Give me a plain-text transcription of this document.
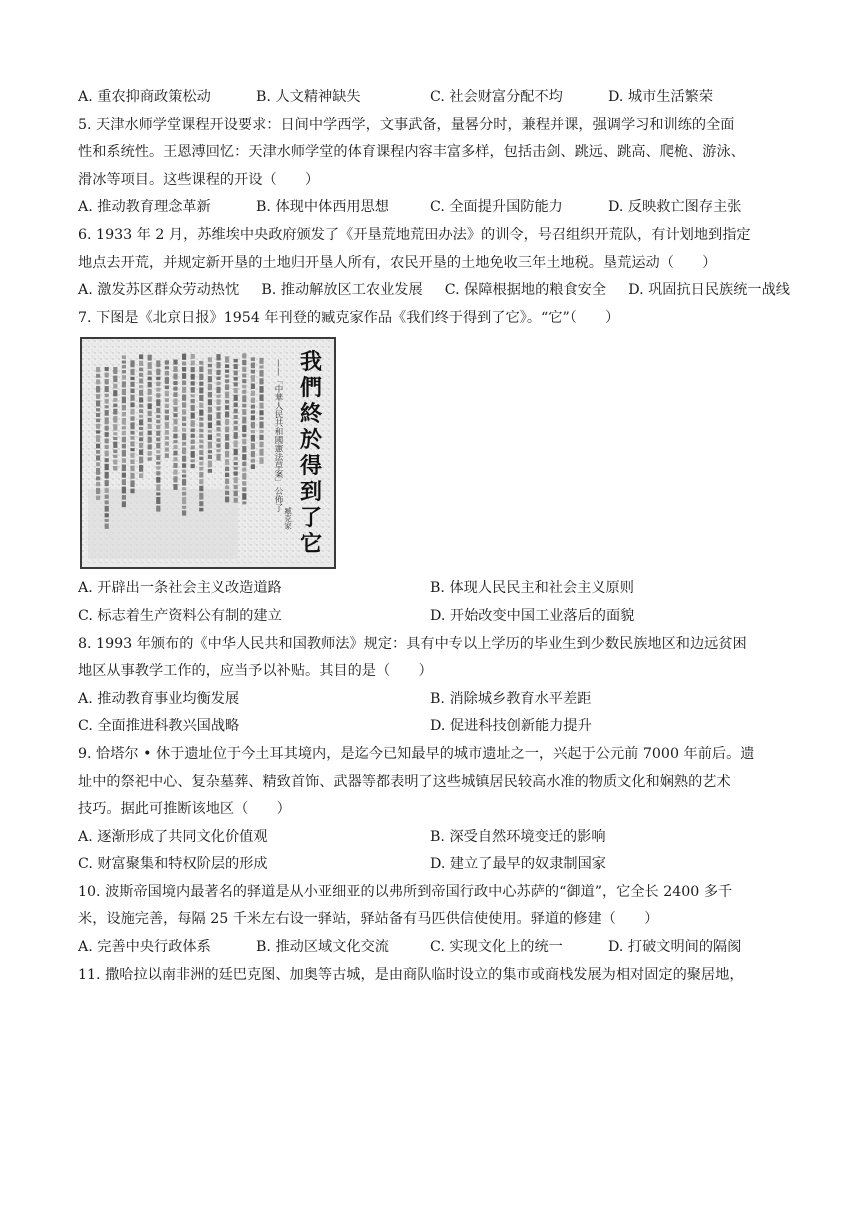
A. 重农抑商政策松动	B. 人文精神缺失	C. 社会财富分配不均	D. 城市生活繁荣
5. 天津水师学堂课程开设要求：日间中学西学，文事武备，量晷分时，兼程并课，强调学习和训练的全面
性和系统性。王恩溥回忆：天津水师学堂的体育课程内容丰富多样，包括击剑、跳远、跳高、爬桅、游泳、
滑冰等项目。这些课程的开设（　　）
A. 推动教育理念革新	B. 体现中体西用思想	C. 全面提升国防能力	D. 反映救亡图存主张
6. 1933 年 2 月，苏维埃中央政府颁发了《开垦荒地荒田办法》的训令，号召组织开荒队，有计划地到指定
地点去开荒，并规定新开垦的土地归开垦人所有，农民开垦的土地免收三年土地税。垦荒运动（　　）
A. 激发苏区群众劳动热忱 B. 推动解放区工农业发展 C. 保障根据地的粮食安全 D. 巩固抗日民族统一战线
7. 下图是《北京日报》1954 年刊登的臧克家作品《我们终于得到了它》。“它”（　　）
——「中華人民共和國憲法草案」公佈了 我
們
終
於
得
到
了
它
臧克家
A. 开辟出一条社会主义改造道路	B. 体现人民民主和社会主义原则
C. 标志着生产资料公有制的建立	D. 开始改变中国工业落后的面貌
8. 1993 年颁布的《中华人民共和国教师法》规定：具有中专以上学历的毕业生到少数民族地区和边远贫困
地区从事教学工作的，应当予以补贴。其目的是（　　）
A. 推动教育事业均衡发展	B. 消除城乡教育水平差距
C. 全面推进科教兴国战略	D. 促进科技创新能力提升
9. 恰塔尔 • 休于遗址位于今土耳其境内，是迄今已知最早的城市遗址之一，兴起于公元前 7000 年前后。遗
址中的祭祀中心、复杂墓葬、精致首饰、武器等都表明了这些城镇居民较高水准的物质文化和娴熟的艺术
技巧。据此可推断该地区（　　）
A. 逐渐形成了共同文化价值观	B. 深受自然环境变迁的影响
C. 财富聚集和特权阶层的形成	D. 建立了最早的奴隶制国家
10. 波斯帝国境内最著名的驿道是从小亚细亚的以弗所到帝国行政中心苏萨的“御道”，它全长 2400 多千
米，设施完善，每隔 25 千米左右设一驿站，驿站备有马匹供信使使用。驿道的修建（　　）
A. 完善中央行政体系	B. 推动区域文化交流	C. 实现文化上的统一	D. 打破文明间的隔阂
11. 撒哈拉以南非洲的廷巴克图、加奥等古城，是由商队临时设立的集市或商栈发展为相对固定的聚居地，
